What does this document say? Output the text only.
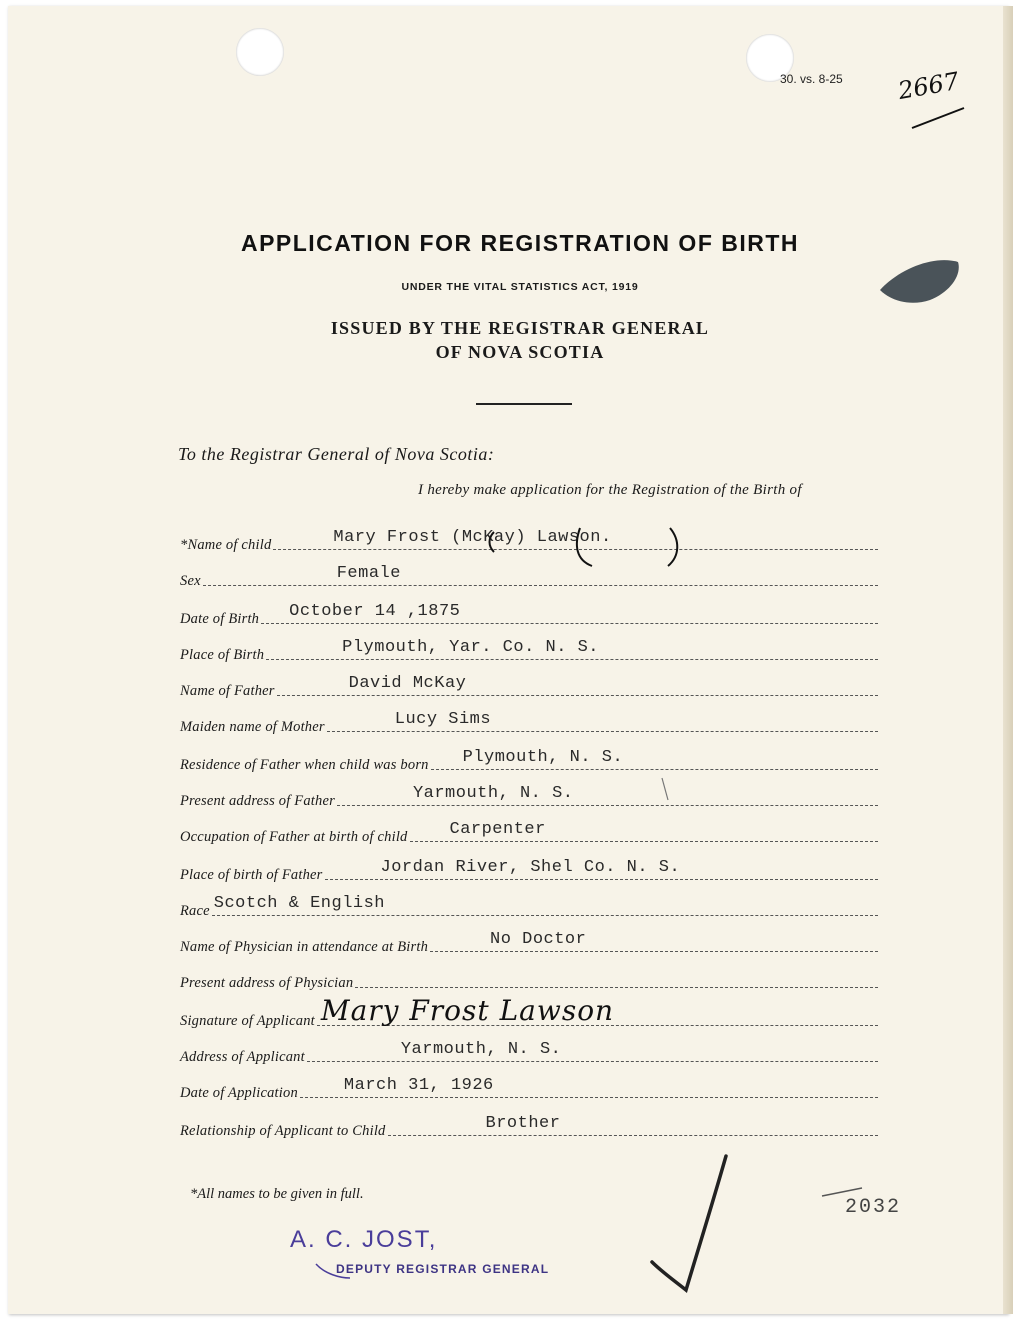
30. vs. 8-25 2667
APPLICATION FOR REGISTRATION OF BIRTH
UNDER THE VITAL STATISTICS ACT, 1919
ISSUED BY THE REGISTRAR GENERAL
OF NOVA SCOTIA
To the Registrar General of Nova Scotia:
I hereby make application for the Registration of the Birth of
*Name of child	Mary Frost (McKay) Lawson.
Sex	Female
Date of Birth October 14 ,1875
Place of Birth	Plymouth, Yar. Co. N. S.
Name of Father	David McKay
Maiden name of Mother	Lucy Sims
Residence of Father when child was born Plymouth, N. S.
Present address of Father	Yarmouth, N. S.
Occupation of Father at birth of child Carpenter
Place of birth of Father	Jordan River, Shel Co. N. S.
Race Scotch & English
Name of Physician in attendance at Birth	No Doctor
Present address of Physician
Signature of Applicant Mary Frost Lawson
Address of Applicant	Yarmouth, N. S.
Date of Application	March 31, 1926
Relationship of Applicant to Child	Brother
*All names to be given in full.
A. C. JOST,
DEPUTY REGISTRAR GENERAL
2032
